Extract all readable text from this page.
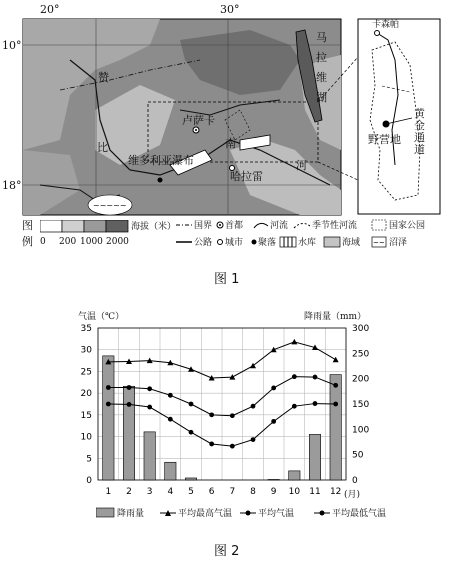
~~~~~
20°	30°
10°
18°
卢萨卡
哈拉雷
维多利亚瀑布
赞
比	南
河
马
拉
维
湖
卡森帕
黄金通道
野营地
图
例 0 200 1000 2000
海拔（米）
~~
国界 首都	河流	季节性河流	国家公园
公路 城市 聚落 水库	海域	沼泽
图 1
气温（℃）	降雨量（mm）
(月)
0
5
10
15
20
25
30
35
0
50
100
150
200
250
300
1 2 3 4 5 6 7 8 9 10 11 12
降雨量	平均最高气温	平均气温	平均最低气温
图 2
